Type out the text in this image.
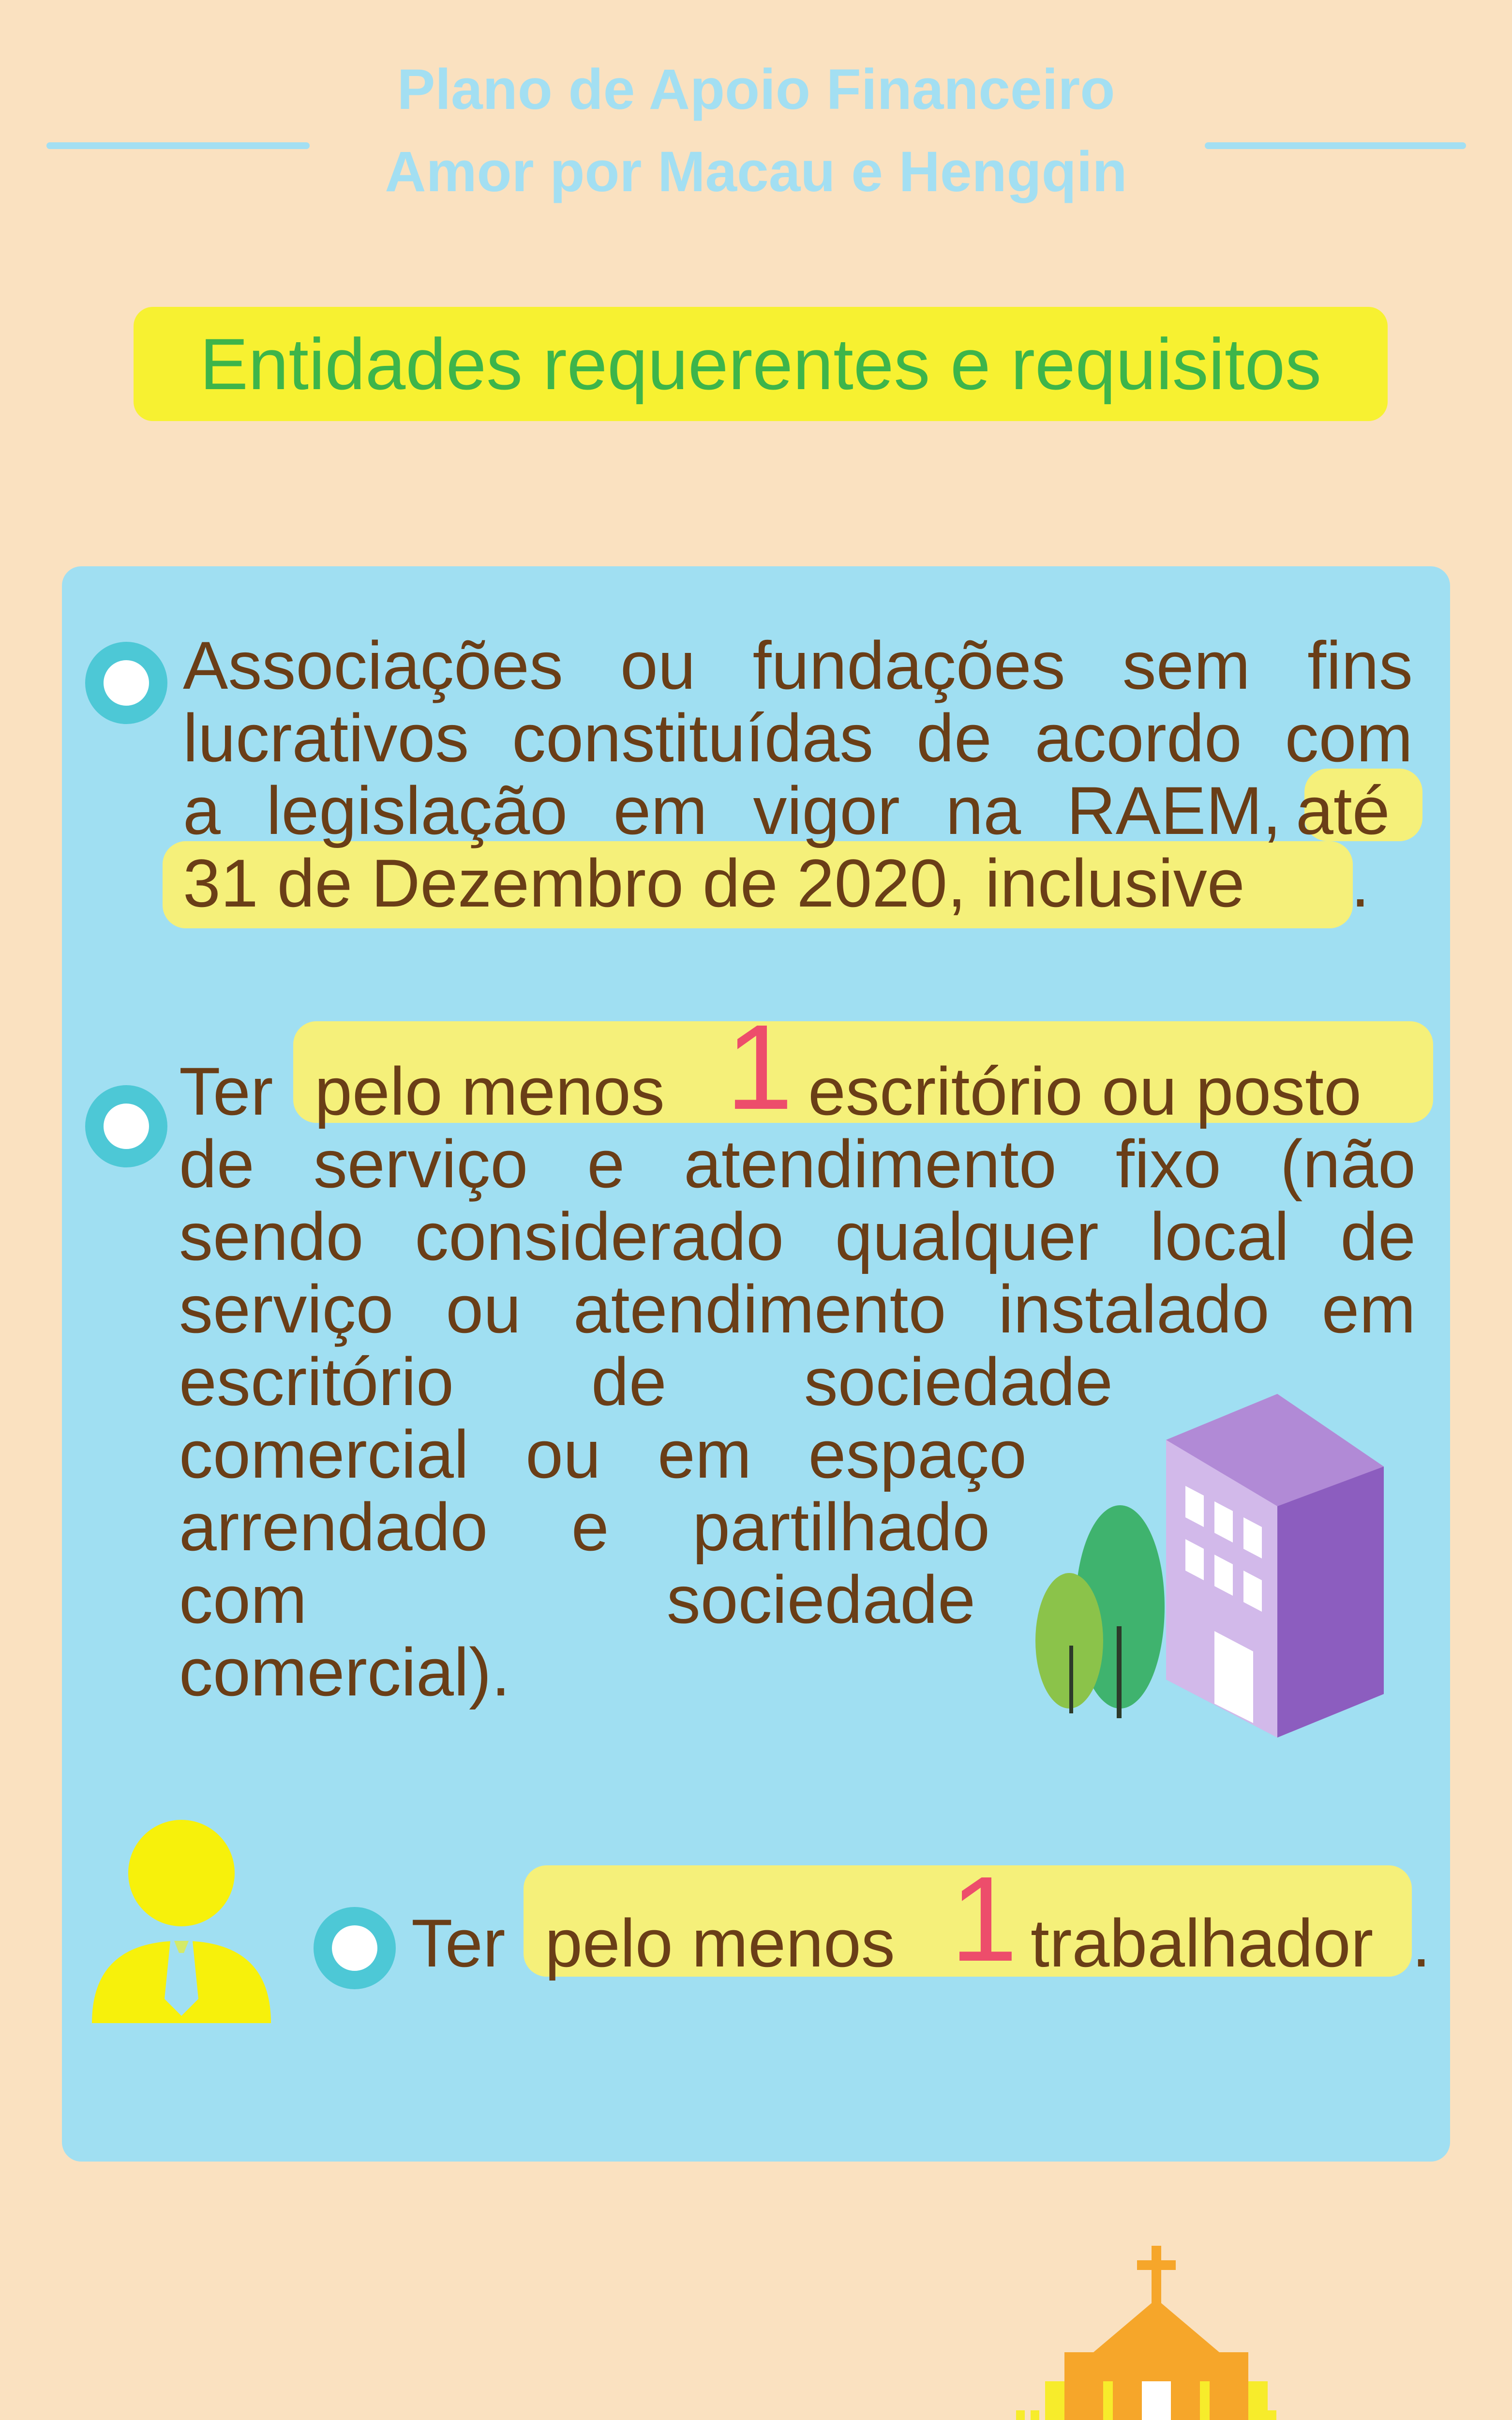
Plano de Apoio Financeiro
Amor por Macau e Hengqin
Entidades requerentes e requisitos
Associações ou fundações sem fins
lucrativos constituídas de acordo com
a legislação em vigor na RAEM, até
31 de Dezembro de 2020, inclusive .
Ter pelo menos 1 escritório ou posto
de serviço e atendimento fixo (não
sendo considerado qualquer local de
serviço ou atendimento instalado em
escritório de sociedade
comercial ou em espaço
arrendado e partilhado
com sociedade
comercial).
Ter pelo menos 1 trabalhador .
